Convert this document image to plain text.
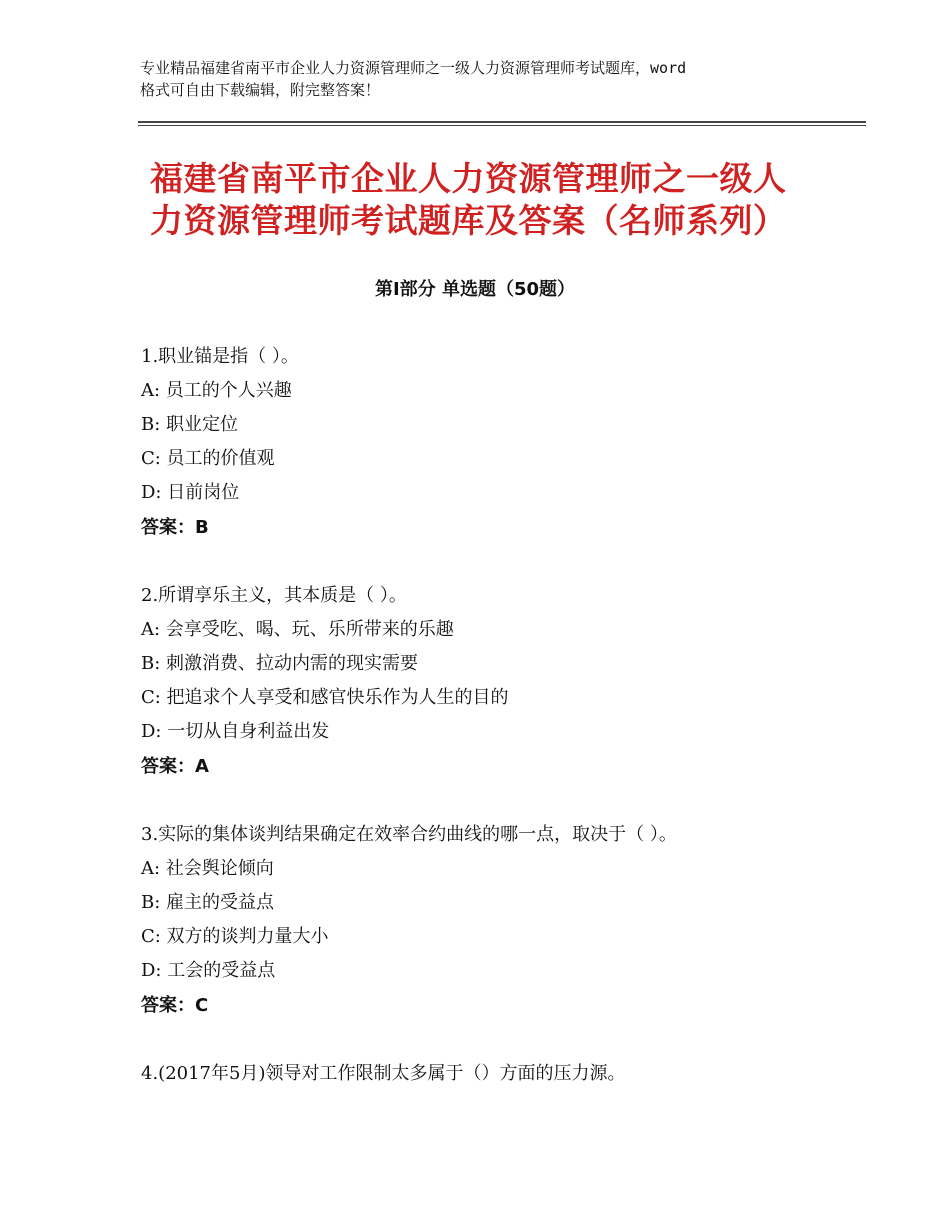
专业精品福建省南平市企业人力资源管理师之一级人力资源管理师考试题库，word
格式可自由下载编辑，附完整答案！
福建省南平市企业人力资源管理师之一级人
力资源管理师考试题库及答案（名师系列）
第Ⅰ部分 单选题（50题）
1.职业锚是指（ ）。
A: 员工的个人兴趣
B: 职业定位
C: 员工的价值观
D: 日前岗位
答案：B
2.所谓享乐主义，其本质是（ ）。
A: 会享受吃、喝、玩、乐所带来的乐趣
B: 刺激消费、拉动内需的现实需要
C: 把追求个人享受和感官快乐作为人生的目的
D: 一切从自身利益出发
答案：A
3.实际的集体谈判结果确定在效率合约曲线的哪一点，取决于（ ）。
A: 社会舆论倾向
B: 雇主的受益点
C: 双方的谈判力量大小
D: 工会的受益点
答案：C
4.(2017年5月)领导对工作限制太多属于（）方面的压力源。
